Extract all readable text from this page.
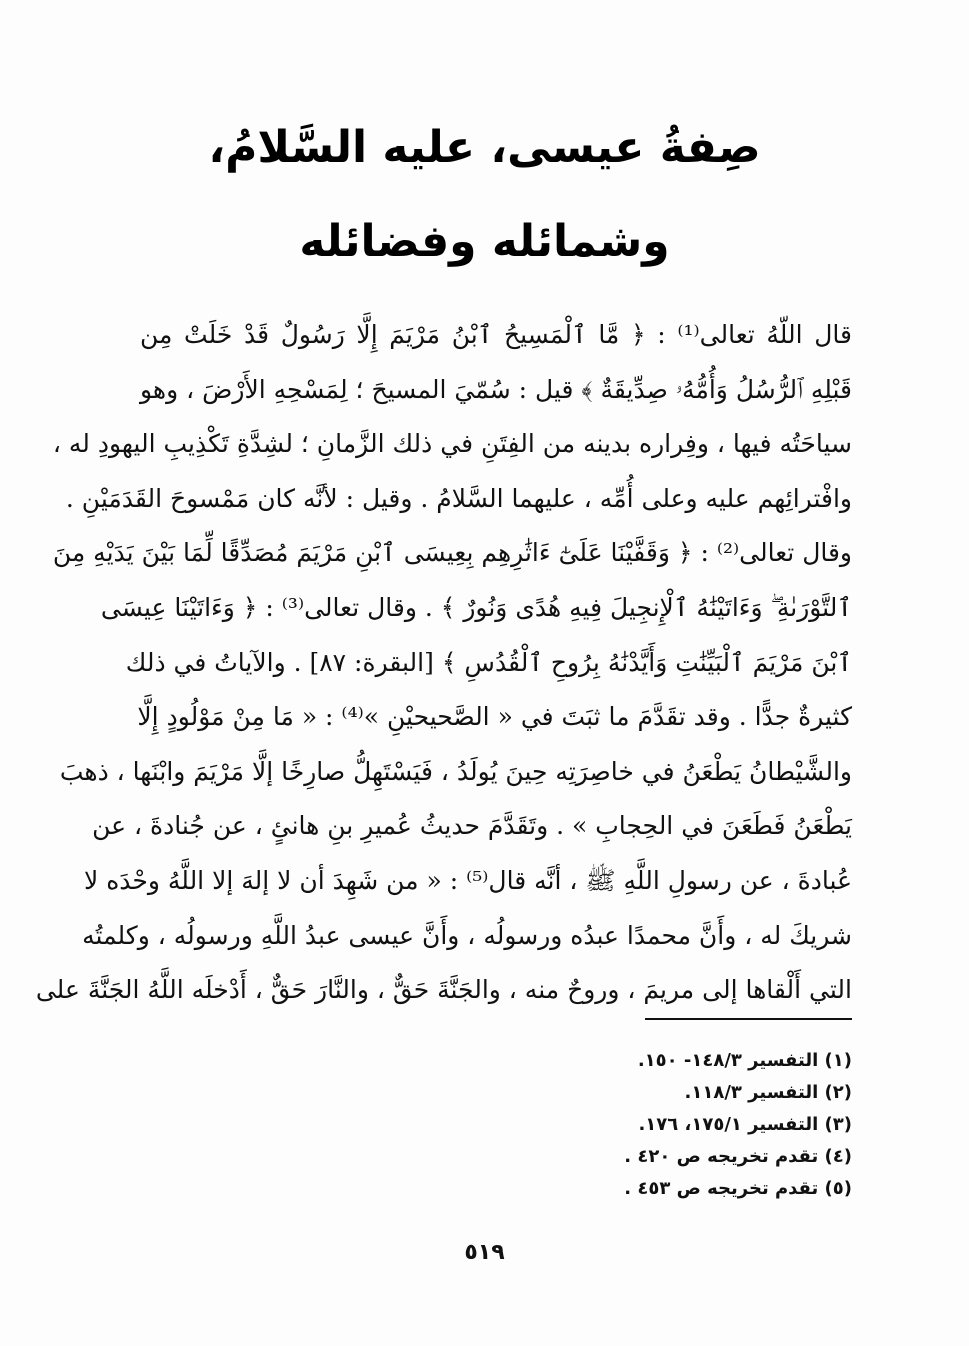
صِفةُ عيسى، عليه السَّلامُ،
وشمائله وفضائله
قال اللّهُ تعالى⁽¹⁾ : ﴿ مَّا ٱلْمَسِيحُ ٱبْنُ مَرْيَمَ إِلَّا رَسُولٌ قَدْ خَلَتْ مِن
قَبْلِهِ ٱلرُّسُلُ وَأُمُّهُۥ صِدِّيقَةٌ ﴾ قيل : سُمّيَ المسيحَ ؛ لِمَسْحِهِ الأَرْضَ ، وهو
سياحَتُه فيها ، وفِراره بدينه من الفِتَنِ في ذلك الزَّمانِ ؛ لشِدَّةِ تَكْذِيبِ اليهودِ له ،
وافْترائِهم عليه وعلى أُمِّه ، عليهما السَّلامُ . وقيل : لأنَّه كان مَمْسوحَ القَدَمَيْنِ .
وقال تعالى⁽²⁾ : ﴿ وَقَفَّيْنَا عَلَىٰٓ ءَاثَٰرِهِم بِعِيسَى ٱبْنِ مَرْيَمَ مُصَدِّقًا لِّمَا بَيْنَ يَدَيْهِ مِنَ
ٱلتَّوْرَىٰةِ ۖ وَءَاتَيْنَٰهُ ٱلْإِنجِيلَ فِيهِ هُدًى وَنُورٌ ﴾ . وقال تعالى⁽³⁾ : ﴿ وَءَاتَيْنَا عِيسَى
ٱبْنَ مَرْيَمَ ٱلْبَيِّنَٰتِ وَأَيَّدْنَٰهُ بِرُوحِ ٱلْقُدُسِ ﴾ [البقرة: ٨٧] . والآياتُ في ذلك
كثيرةٌ جدًّا . وقد تقَدَّمَ ما ثبَتَ في « الصَّحيحيْنِ »⁽⁴⁾ : « مَا مِنْ مَوْلُودٍ إِلَّا
والشَّيْطانُ يَطْعَنُ في خاصِرَتِه حِينَ يُولَدُ ، فَيَسْتَهِلُّ صارِخًا إلَّا مَرْيَمَ وابْنَها ، ذهبَ
يَطْعَنُ فَطَعَنَ في الحِجابِ » . وتَقَدَّمَ حديثُ عُميرِ بنِ هانئٍ ، عن جُنادةَ ، عن
عُبادةَ ، عن رسولِ اللَّهِ ﷺ ، أنَّه قال⁽⁵⁾ : « من شَهِدَ أن لا إلهَ إلا اللَّهُ وحْدَه لا
شريكَ له ، وأَنَّ محمدًا عبدُه ورسولُه ، وأَنَّ عيسى عبدُ اللَّهِ ورسولُه ، وكلمتُه
التي أَلْقاها إلى مريمَ ، وروحٌ منه ، والجَنَّةَ حَقٌّ ، والنَّارَ حَقٌّ ، أَدْخلَه اللَّهُ الجَنَّةَ على
(١) التفسير ١٤٨/٣- ١٥٠.
(٢) التفسير ١١٨/٣.
(٣) التفسير ١٧٥/١، ١٧٦.
(٤) تقدم تخريجه ص ٤٢٠ .
(٥) تقدم تخريجه ص ٤٥٣ .
٥١٩
